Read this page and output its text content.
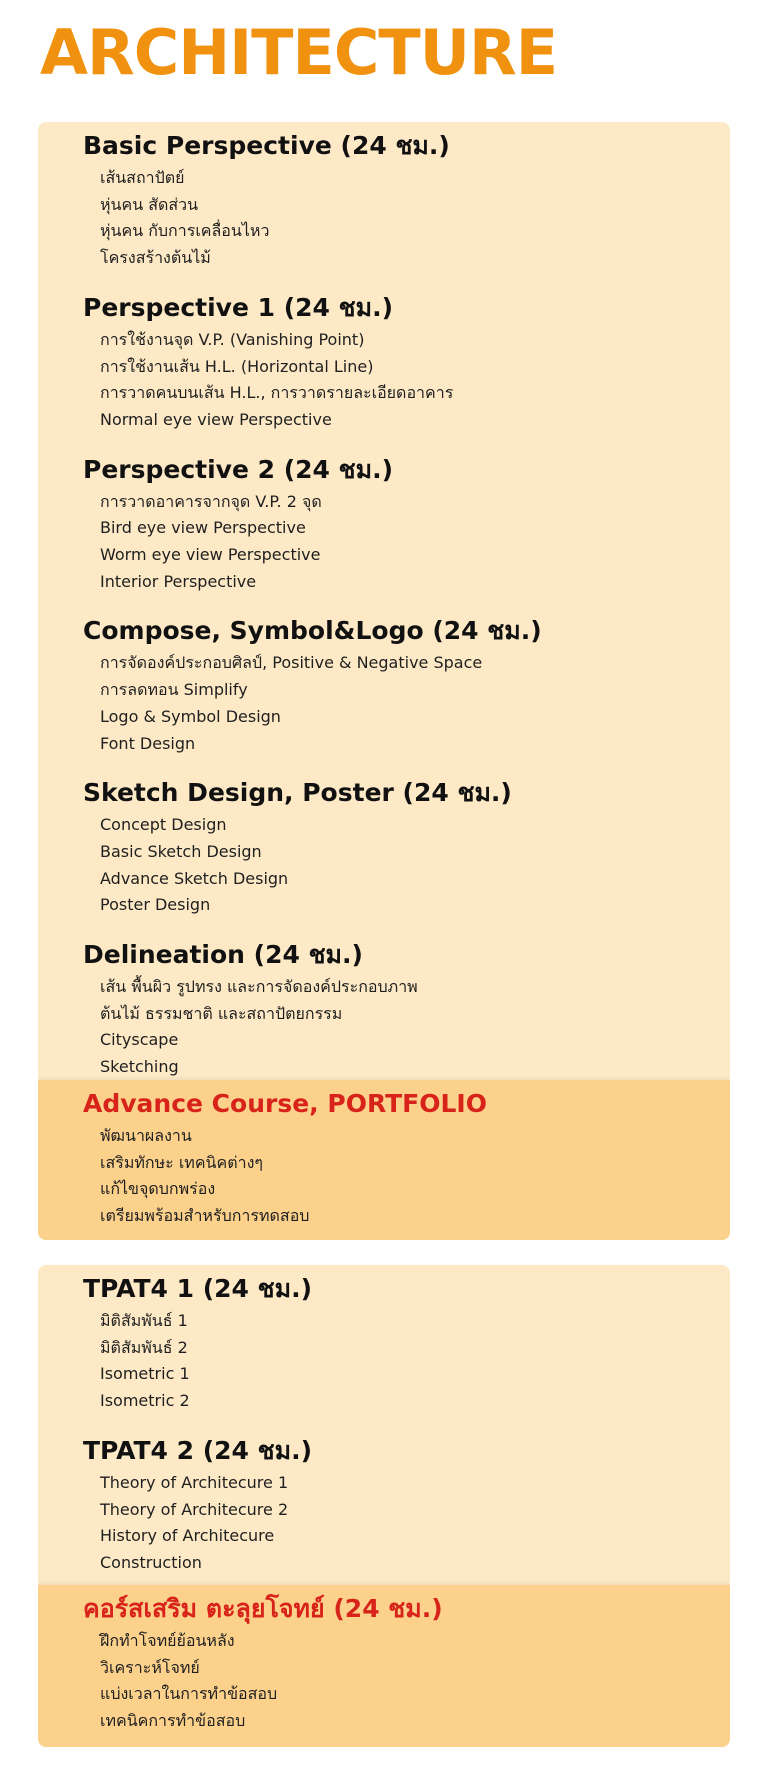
ARCHITECTURE
Basic Perspective (24 ชม.)
เส้นสถาปัตย์
หุ่นคน สัดส่วน
หุ่นคน กับการเคลื่อนไหว
โครงสร้างต้นไม้
Perspective 1 (24 ชม.)
การใช้งานจุด V.P. (Vanishing Point)
การใช้งานเส้น H.L. (Horizontal Line)
การวาดคนบนเส้น H.L., การวาดรายละเอียดอาคาร
Normal eye view Perspective
Perspective 2 (24 ชม.)
การวาดอาคารจากจุด V.P. 2 จุด
Bird eye view Perspective
Worm eye view Perspective
Interior Perspective
Compose, Symbol&Logo (24 ชม.)
การจัดองค์ประกอบศิลป์, Positive & Negative Space
การลดทอน Simplify
Logo & Symbol Design
Font Design
Sketch Design, Poster (24 ชม.)
Concept Design
Basic Sketch Design
Advance Sketch Design
Poster Design
Delineation (24 ชม.)
เส้น พื้นผิว รูปทรง และการจัดองค์ประกอบภาพ
ต้นไม้ ธรรมชาติ และสถาปัตยกรรม
Cityscape
Sketching
Advance Course, PORTFOLIO
พัฒนาผลงาน
เสริมทักษะ เทคนิคต่างๆ
แก้ไขจุดบกพร่อง
เตรียมพร้อมสำหรับการทดสอบ
TPAT4 1 (24 ชม.)
มิติสัมพันธ์ 1
มิติสัมพันธ์ 2
Isometric 1
Isometric 2
TPAT4 2 (24 ชม.)
Theory of Architecure 1
Theory of Architecure 2
History of Architecure
Construction
คอร์สเสริม ตะลุยโจทย์ (24 ชม.)
ฝึกทำโจทย์ย้อนหลัง
วิเคราะห์โจทย์
แบ่งเวลาในการทำข้อสอบ
เทคนิคการทำข้อสอบ
